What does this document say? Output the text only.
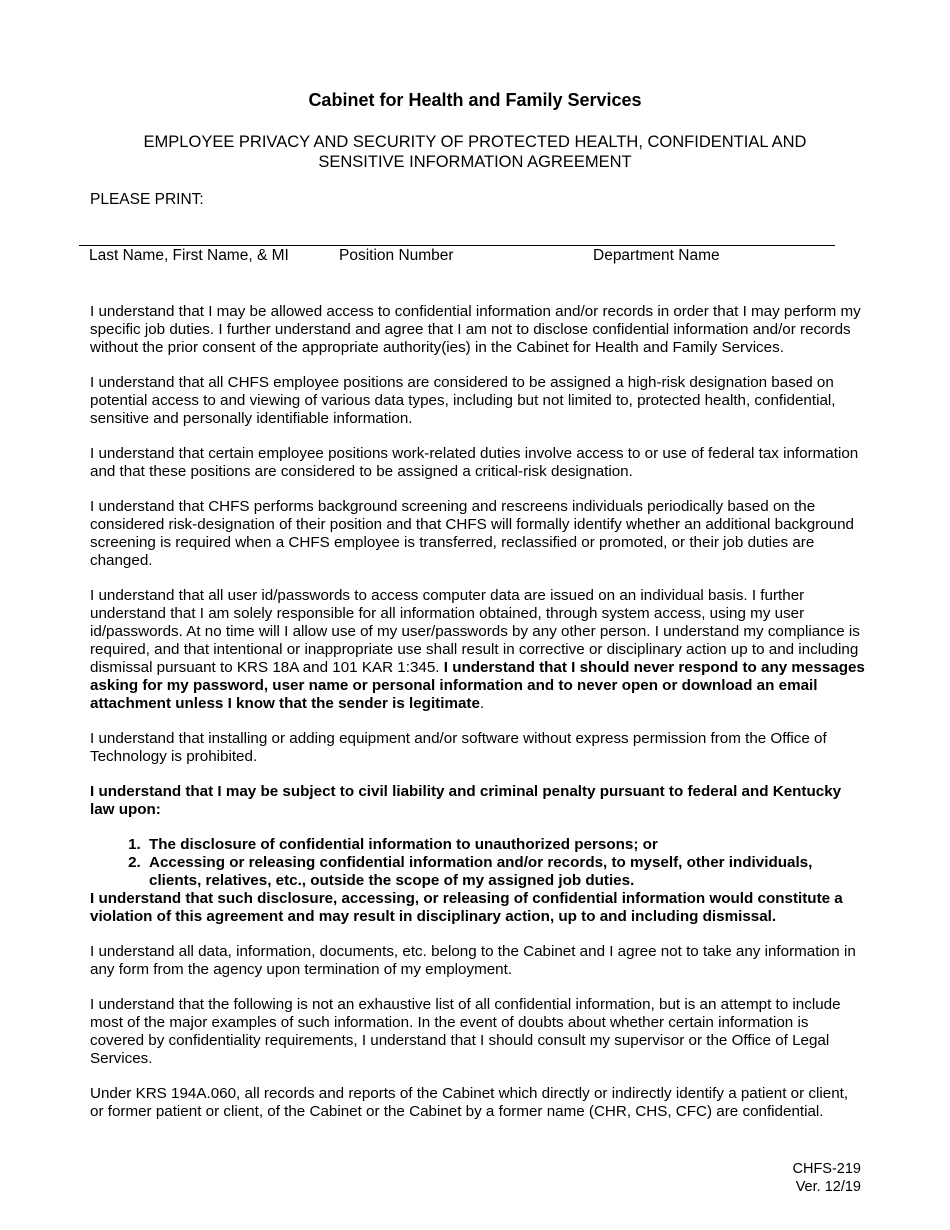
Cabinet for Health and Family Services
EMPLOYEE PRIVACY AND SECURITY OF PROTECTED HEALTH, CONFIDENTIAL AND SENSITIVE INFORMATION AGREEMENT
PLEASE PRINT:
Last Name, First Name, & MI	Position Number	Department Name

I understand that I may be allowed access to confidential information and/or records in order that I may perform my specific job duties. I further understand and agree that I am not to disclose confidential information and/or records without the prior consent of the appropriate authority(ies) in the Cabinet for Health and Family Services.

I understand that all CHFS employee positions are considered to be assigned a high-risk designation based on potential access to and viewing of various data types, including but not limited to, protected health, confidential, sensitive and personally identifiable information.

I understand that certain employee positions work-related duties involve access to or use of federal tax information and that these positions are considered to be assigned a critical-risk designation.

I understand that CHFS performs background screening and rescreens individuals periodically based on the considered risk-designation of their position and that CHFS will formally identify whether an additional background screening is required when a CHFS employee is transferred, reclassified or promoted, or their job duties are changed.

I understand that all user id/passwords to access computer data are issued on an individual basis. I further understand that I am solely responsible for all information obtained, through system access, using my user id/passwords. At no time will I allow use of my user/passwords by any other person. I understand my compliance is required, and that intentional or inappropriate use shall result in corrective or disciplinary action up to and including dismissal pursuant to KRS 18A and 101 KAR 1:345. I understand that I should never respond to any messages asking for my password, user name or personal information and to never open or download an email attachment unless I know that the sender is legitimate.

I understand that installing or adding equipment and/or software without express permission from the Office of Technology is prohibited.

I understand that I may be subject to civil liability and criminal penalty pursuant to federal and Kentucky law upon:

1. The disclosure of confidential information to unauthorized persons; or
2. Accessing or releasing confidential information and/or records, to myself, other individuals, clients, relatives, etc., outside the scope of my assigned job duties.
I understand that such disclosure, accessing, or releasing of confidential information would constitute a violation of this agreement and may result in disciplinary action, up to and including dismissal.

I understand all data, information, documents, etc. belong to the Cabinet and I agree not to take any information in any form from the agency upon termination of my employment.

I understand that the following is not an exhaustive list of all confidential information, but is an attempt to include most of the major examples of such information. In the event of doubts about whether certain information is covered by confidentiality requirements, I understand that I should consult my supervisor or the Office of Legal Services.

Under KRS 194A.060, all records and reports of the Cabinet which directly or indirectly identify a patient or client, or former patient or client, of the Cabinet or the Cabinet by a former name (CHR, CHS, CFC) are confidential.

CHFS-219
Ver. 12/19
